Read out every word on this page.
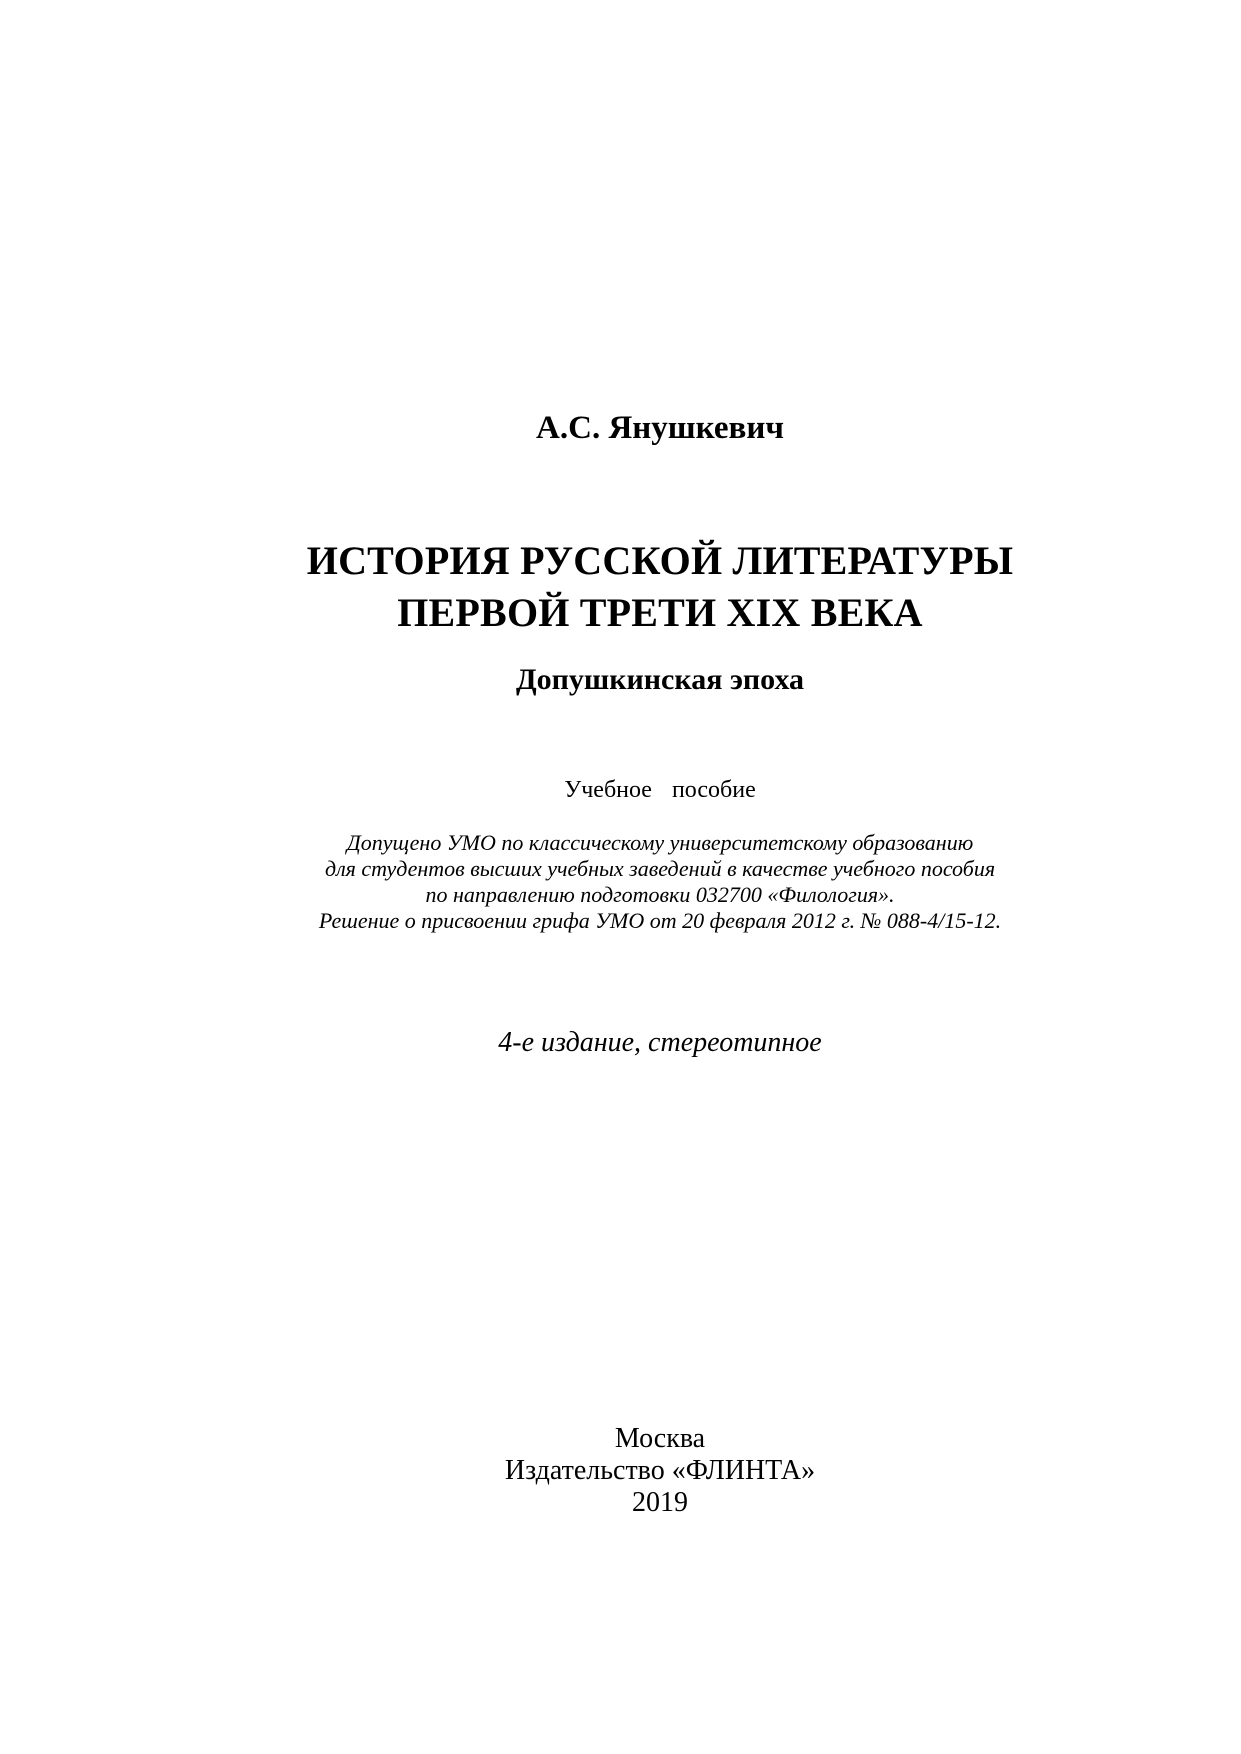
А.С. Янушкевич
ИСТОРИЯ РУССКОЙ ЛИТЕРАТУРЫ
ПЕРВОЙ ТРЕТИ XIX ВЕКА
Допушкинская эпоха
Учебное  пособие
Допущено УМО по классическому университетскому образованию
для студентов высших учебных заведений в качестве учебного пособия
по направлению подготовки 032700 «Филология».
Решение о присвоении грифа УМО от 20 февраля 2012 г. № 088-4/15-12.
4-е издание, стереотипное
Москва
Издательство «ФЛИНТА»
2019
